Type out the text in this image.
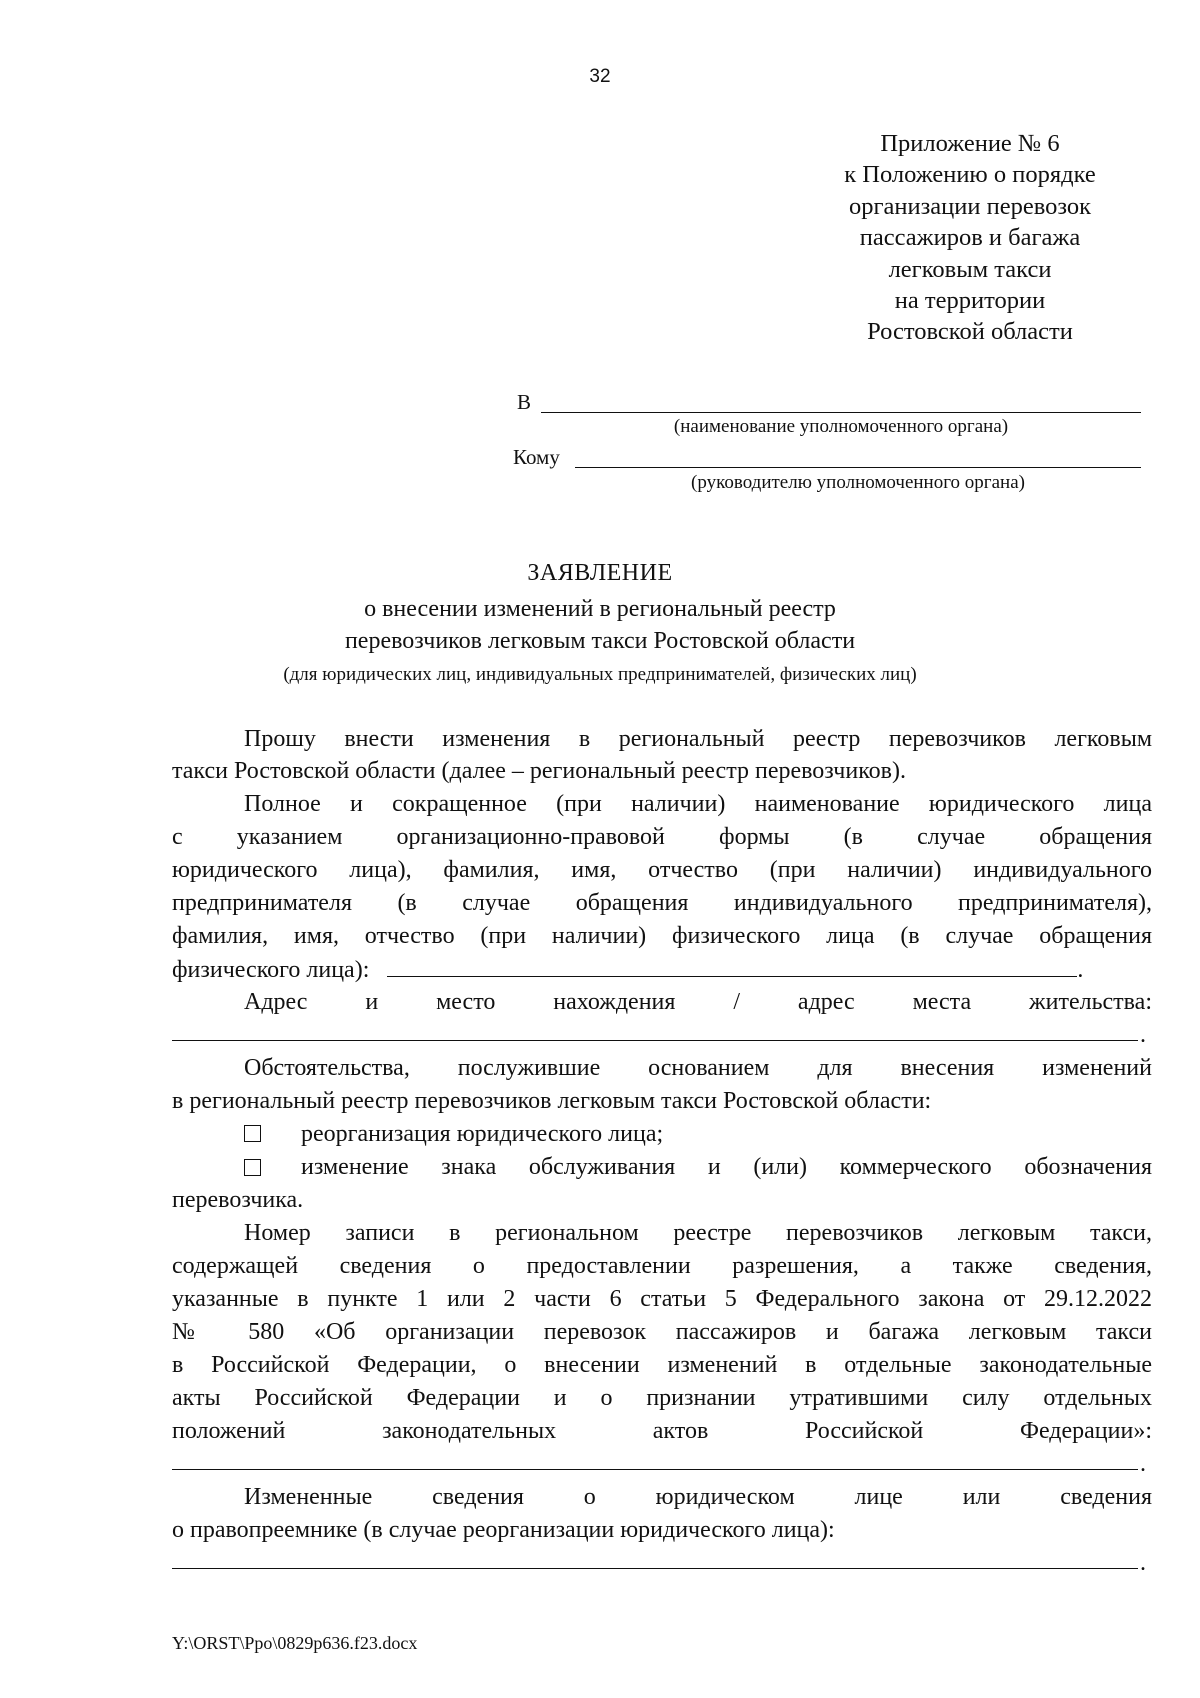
32
Приложение № 6
к Положению о порядке
организации перевозок
пассажиров и багажа
легковым такси
на территории
Ростовской области
В
(наименование уполномоченного органа)
Кому
(руководителю уполномоченного органа)
ЗАЯВЛЕНИЕ
о внесении изменений в региональный реестр
перевозчиков легковым такси Ростовской области
(для юридических лиц, индивидуальных предпринимателей, физических лиц)
Прошу внести изменения в региональный реестр перевозчиков легковым
такси Ростовской области (далее – региональный реестр перевозчиков).
Полное и сокращенное (при наличии) наименование юридического лица
с указанием организационно-правовой формы (в случае обращения
юридического лица), фамилия, имя, отчество (при наличии) индивидуального
предпринимателя (в случае обращения индивидуального предпринимателя),
фамилия, имя, отчество (при наличии) физического лица (в случае обращения
физического лица):	.
Адрес и место нахождения / адрес места жительства:
.
Обстоятельства, послужившие основанием для внесения изменений
в региональный реестр перевозчиков легковым такси Ростовской области:
реорганизация юридического лица;
изменение знака обслуживания и (или) коммерческого обозначения
перевозчика.
Номер записи в региональном реестре перевозчиков легковым такси,
содержащей сведения о предоставлении разрешения, а также сведения,
указанные в пункте 1 или 2 части 6 статьи 5 Федерального закона от 29.12.2022
№ 580 «Об организации перевозок пассажиров и багажа легковым такси
в Российской Федерации, о внесении изменений в отдельные законодательные
акты Российской Федерации и о признании утратившими силу отдельных
положений законодательных актов Российской Федерации»:
.
Измененные сведения о юридическом лице или сведения
о правопреемнике (в случае реорганизации юридического лица):
.
Y:\ORST\Ppo\0829p636.f23.docx
